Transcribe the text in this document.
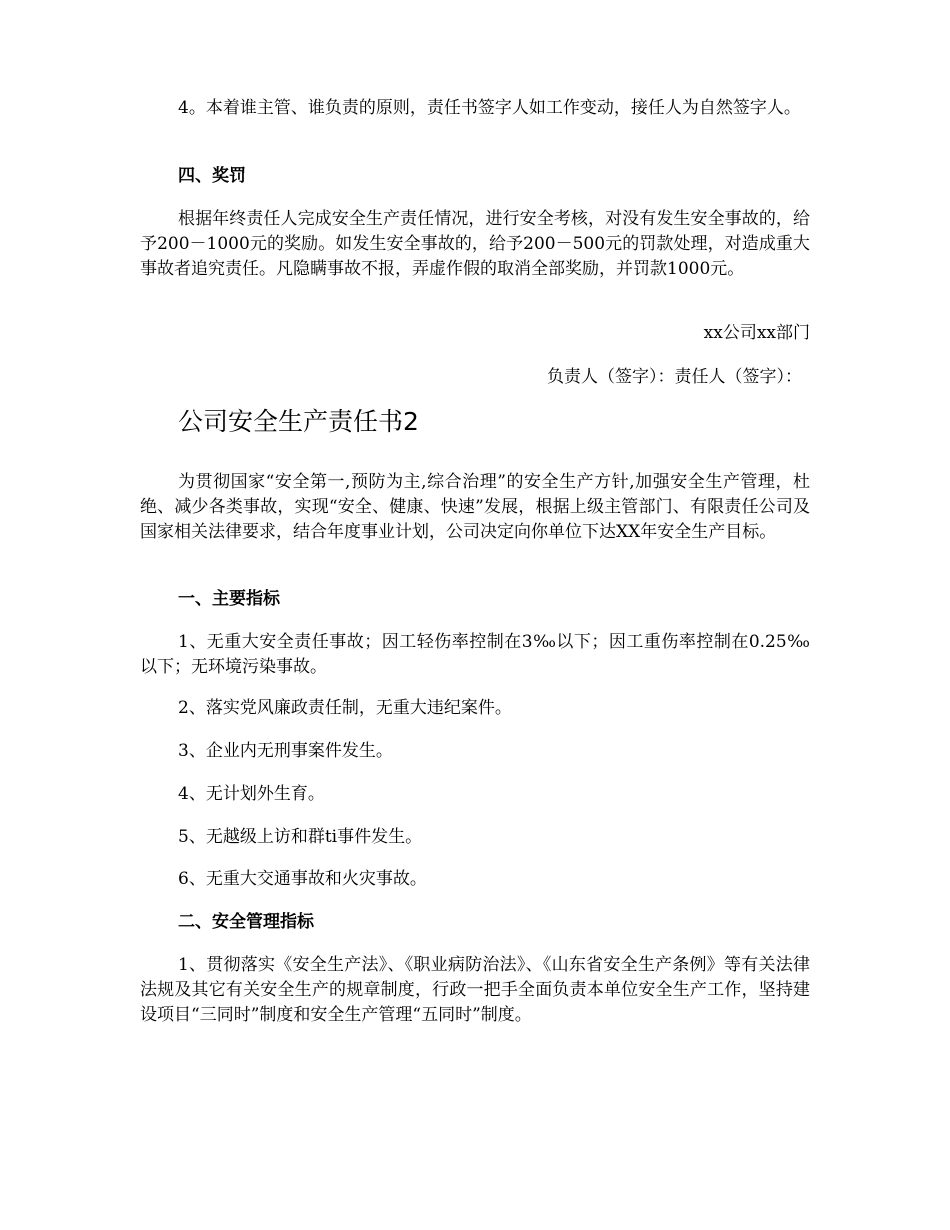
4。本着谁主管、谁负责的原则，责任书签字人如工作变动，接任人为自然签字人。

四、奖罚

根据年终责任人完成安全生产责任情况，进行安全考核，对没有发生安全事故的，给予200－1000元的奖励。如发生安全事故的，给予200－500元的罚款处理，对造成重大事故者追究责任。凡隐瞒事故不报，弄虚作假的取消全部奖励，并罚款1000元。

xx公司xx部门

负责人（签字）：责任人（签字）：

公司安全生产责任书2

为贯彻国家“安全第一,预防为主,综合治理”的安全生产方针,加强安全生产管理，杜绝、减少各类事故，实现“安全、健康、快速”发展，根据上级主管部门、有限责任公司及国家相关法律要求，结合年度事业计划，公司决定向你单位下达XX年安全生产目标。

一、主要指标

1、无重大安全责任事故；因工轻伤率控制在3‰以下；因工重伤率控制在0.25‰以下；无环境污染事故。

2、落实党风廉政责任制，无重大违纪案件。

3、企业内无刑事案件发生。

4、无计划外生育。

5、无越级上访和群ti事件发生。

6、无重大交通事故和火灾事故。

二、安全管理指标

1、贯彻落实《安全生产法》、《职业病防治法》、《山东省安全生产条例》等有关法律法规及其它有关安全生产的规章制度，行政一把手全面负责本单位安全生产工作，坚持建设项目“三同时”制度和安全生产管理“五同时”制度。
